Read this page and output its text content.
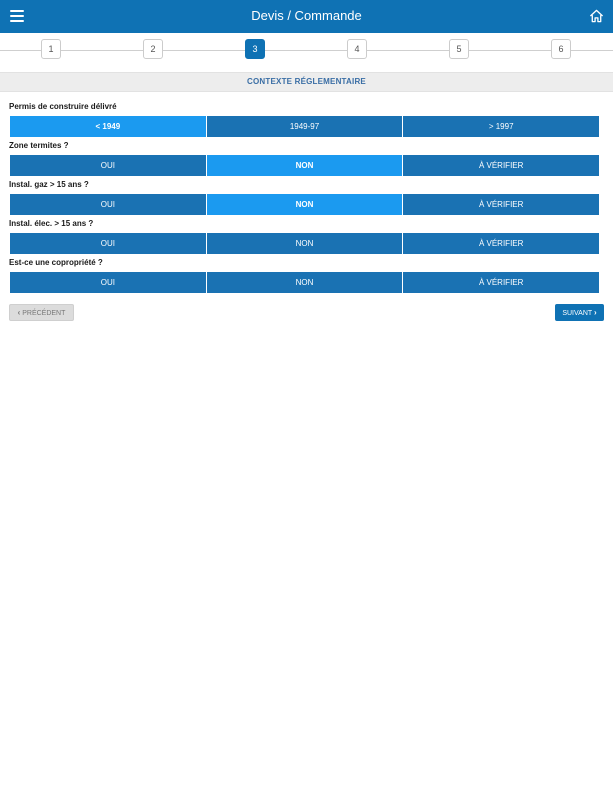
Devis / Commande
1	2	3	4	5	6
CONTEXTE RÉGLEMENTAIRE
Permis de construire délivré
< 1949	1949-97	> 1997
Zone termites ?
OUI	NON	À VÉRIFIER
Instal. gaz > 15 ans ?
OUI	NON	À VÉRIFIER
Instal. élec. > 15 ans ?
OUI	NON	À VÉRIFIER
Est-ce une copropriété ?
OUI	NON	À VÉRIFIER
‹ PRÉCÉDENT	SUIVANT ›
